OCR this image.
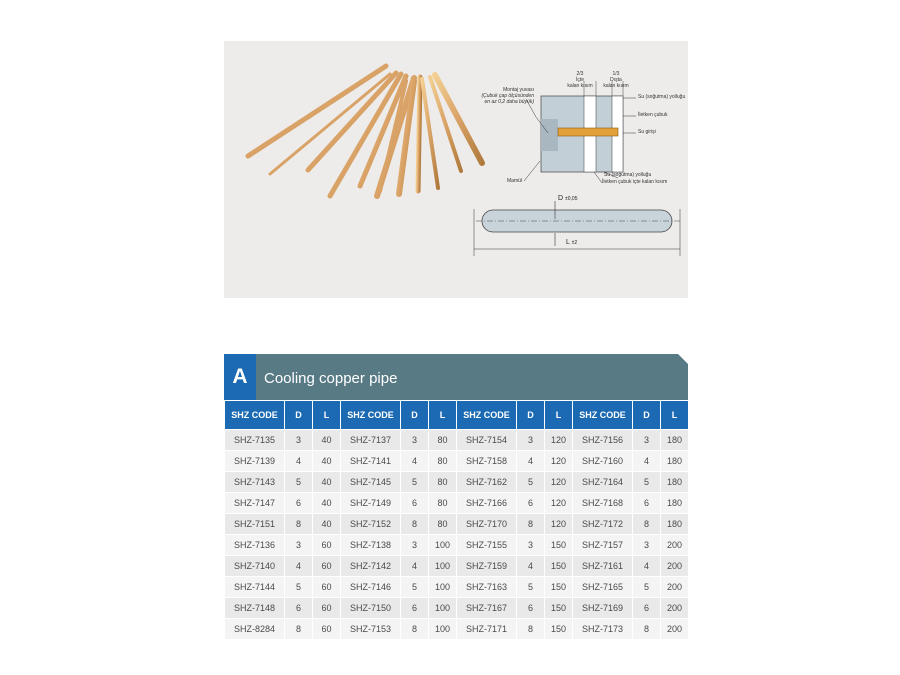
2/3
İçte
kalan kısım
1/3
Dışta
kalan kısım
Montaj yuvası
(Çubuk çap ölçüsünden
en az 0,2 daha büyük)
Su (soğutma) yolluğu
İletken çubuk
Su girişi
Su (soğutma) yolluğu
İletken çubuk içte kalan kısım
Mamül
D ±0,05
L ±2
A	Cooling copper pipe
SHZ CODE	D	L	SHZ CODE	D	L	SHZ CODE	D	L	SHZ CODE	D	L
SHZ-7135	3	40	SHZ-7137	3	80	SHZ-7154	3	120	SHZ-7156	3	180
SHZ-7139	4	40	SHZ-7141	4	80	SHZ-7158	4	120	SHZ-7160	4	180
SHZ-7143	5	40	SHZ-7145	5	80	SHZ-7162	5	120	SHZ-7164	5	180
SHZ-7147	6	40	SHZ-7149	6	80	SHZ-7166	6	120	SHZ-7168	6	180
SHZ-7151	8	40	SHZ-7152	8	80	SHZ-7170	8	120	SHZ-7172	8	180
SHZ-7136	3	60	SHZ-7138	3	100	SHZ-7155	3	150	SHZ-7157	3	200
SHZ-7140	4	60	SHZ-7142	4	100	SHZ-7159	4	150	SHZ-7161	4	200
SHZ-7144	5	60	SHZ-7146	5	100	SHZ-7163	5	150	SHZ-7165	5	200
SHZ-7148	6	60	SHZ-7150	6	100	SHZ-7167	6	150	SHZ-7169	6	200
SHZ-8284	8	60	SHZ-7153	8	100	SHZ-7171	8	150	SHZ-7173	8	200
